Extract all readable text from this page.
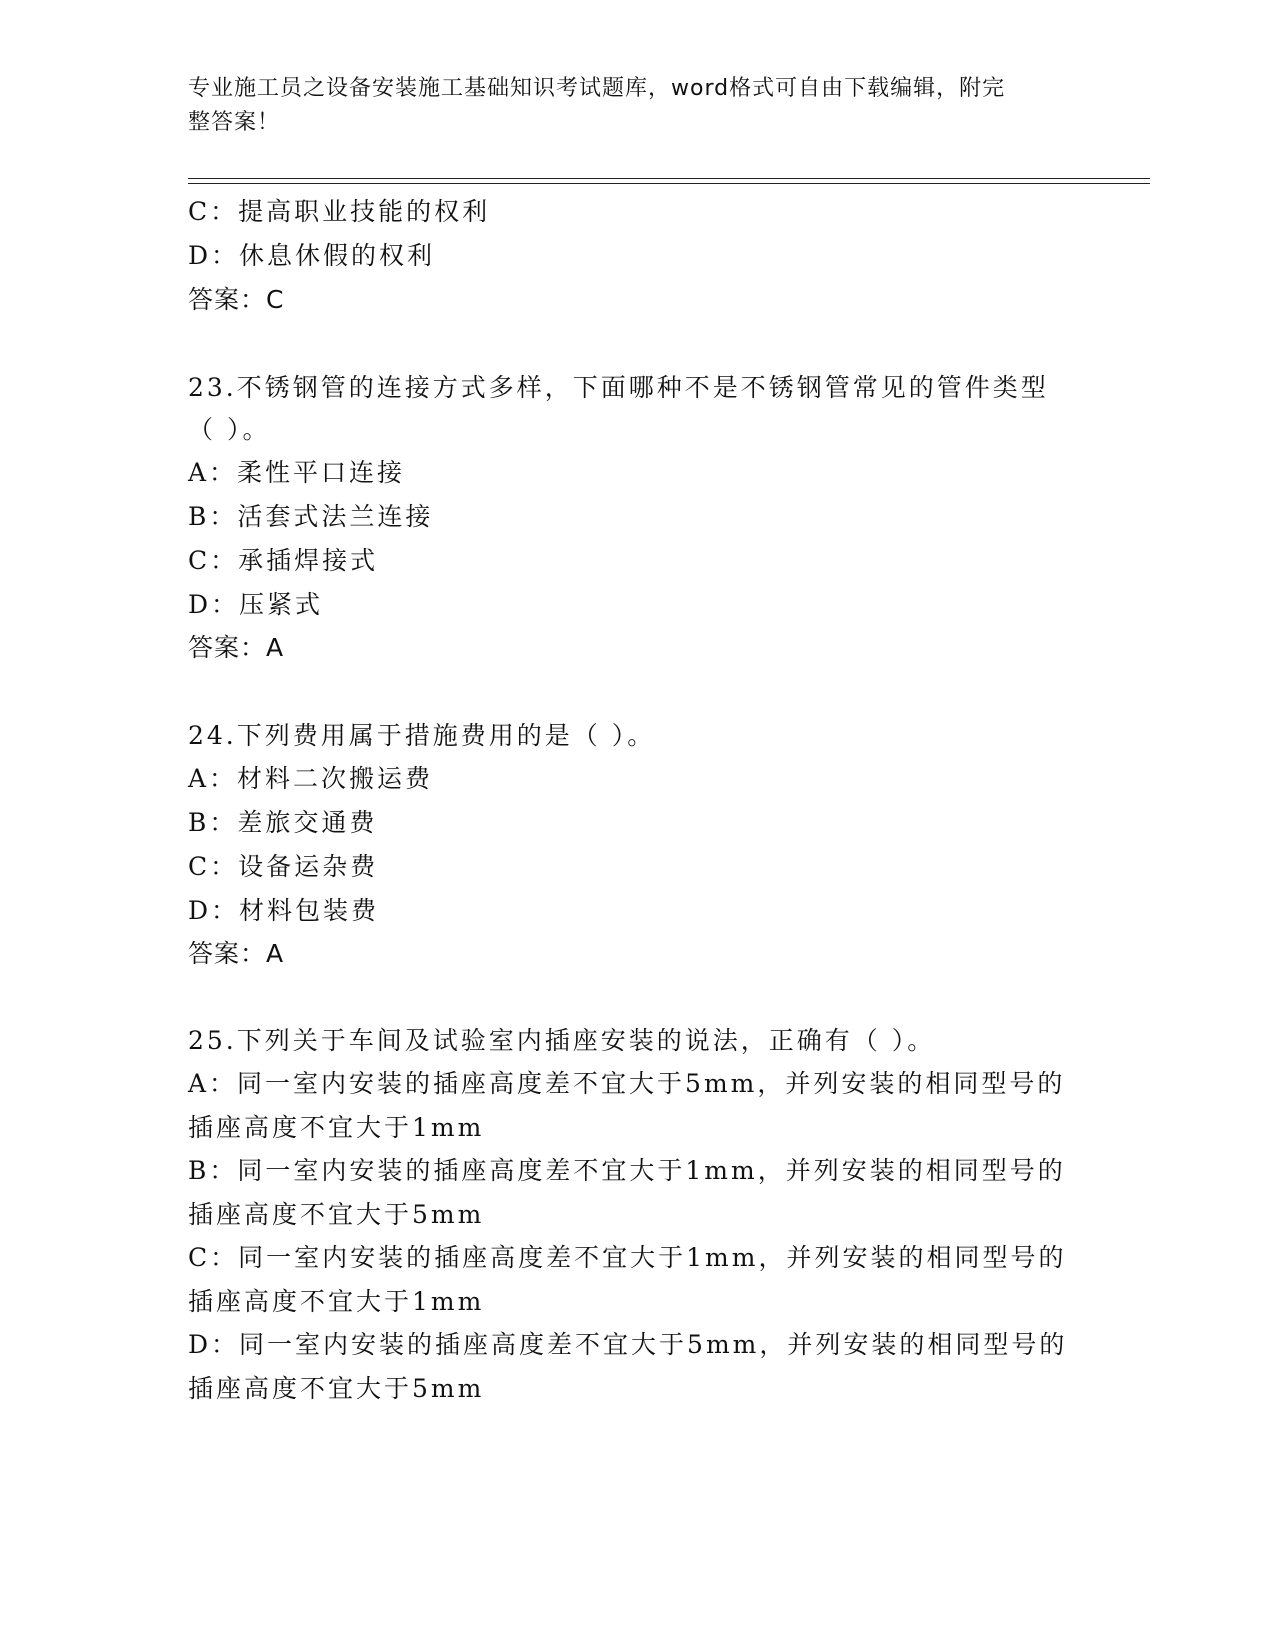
专业施工员之设备安装施工基础知识考试题库，word格式可自由下载编辑，附完
整答案！
C：提高职业技能的权利
D：休息休假的权利
答案：C
23.不锈钢管的连接方式多样，下面哪种不是不锈钢管常见的管件类型
（ ）。
A：柔性平口连接
B：活套式法兰连接
C：承插焊接式
D：压紧式
答案：A
24.下列费用属于措施费用的是（ ）。
A：材料二次搬运费
B：差旅交通费
C：设备运杂费
D：材料包装费
答案：A
25.下列关于车间及试验室内插座安装的说法，正确有（ ）。
A：同一室内安装的插座高度差不宜大于5mm，并列安装的相同型号的
插座高度不宜大于1mm
B：同一室内安装的插座高度差不宜大于1mm，并列安装的相同型号的
插座高度不宜大于5mm
C：同一室内安装的插座高度差不宜大于1mm，并列安装的相同型号的
插座高度不宜大于1mm
D：同一室内安装的插座高度差不宜大于5mm，并列安装的相同型号的
插座高度不宜大于5mm
